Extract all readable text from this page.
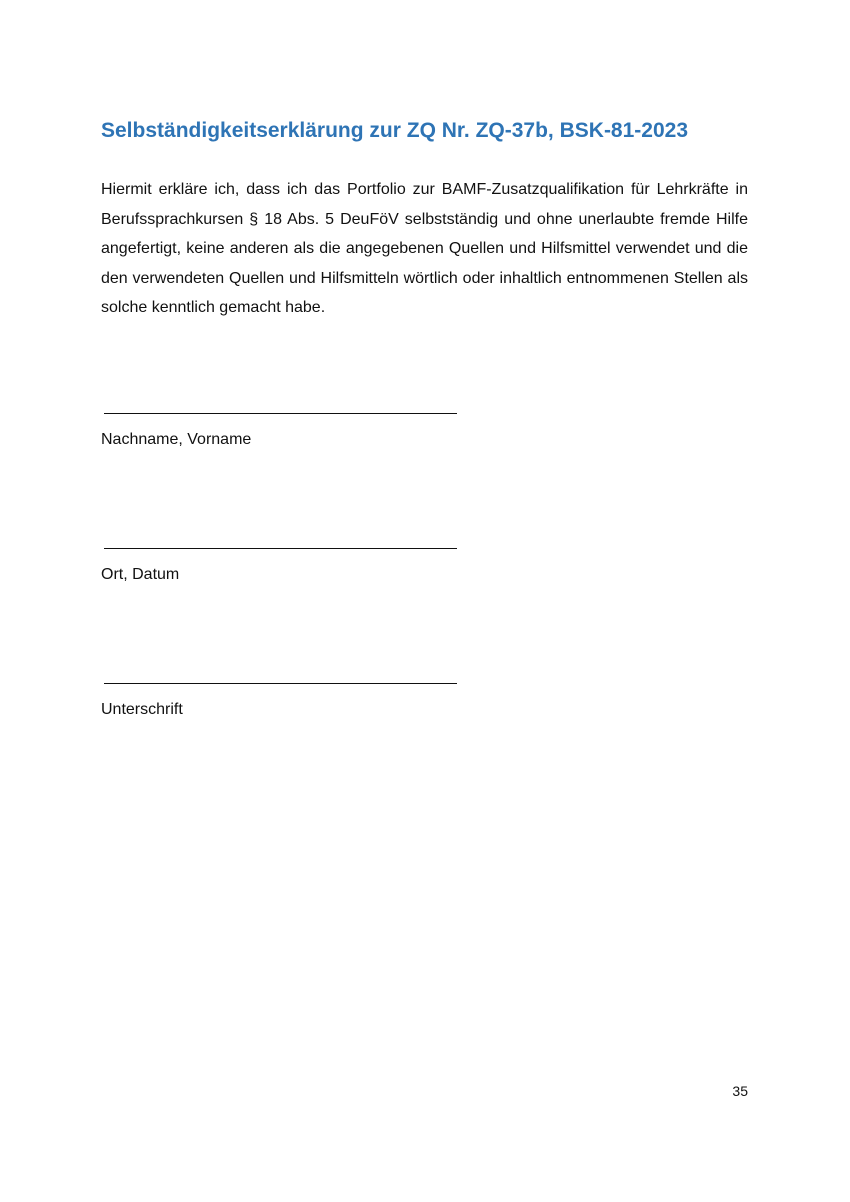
Selbständigkeitserklärung zur ZQ Nr. ZQ-37b, BSK-81-2023

Hiermit erkläre ich, dass ich das Portfolio zur BAMF-Zusatzqualifikation für Lehrkräfte in Berufssprachkursen § 18 Abs. 5 DeuFöV selbstständig und ohne unerlaubte fremde Hilfe angefertigt, keine anderen als die angegebenen Quellen und Hilfsmittel verwendet und die den verwendeten Quellen und Hilfsmitteln wörtlich oder inhaltlich entnommenen Stellen als solche kenntlich gemacht habe.

Nachname, Vorname
Ort, Datum
Unterschrift
35
